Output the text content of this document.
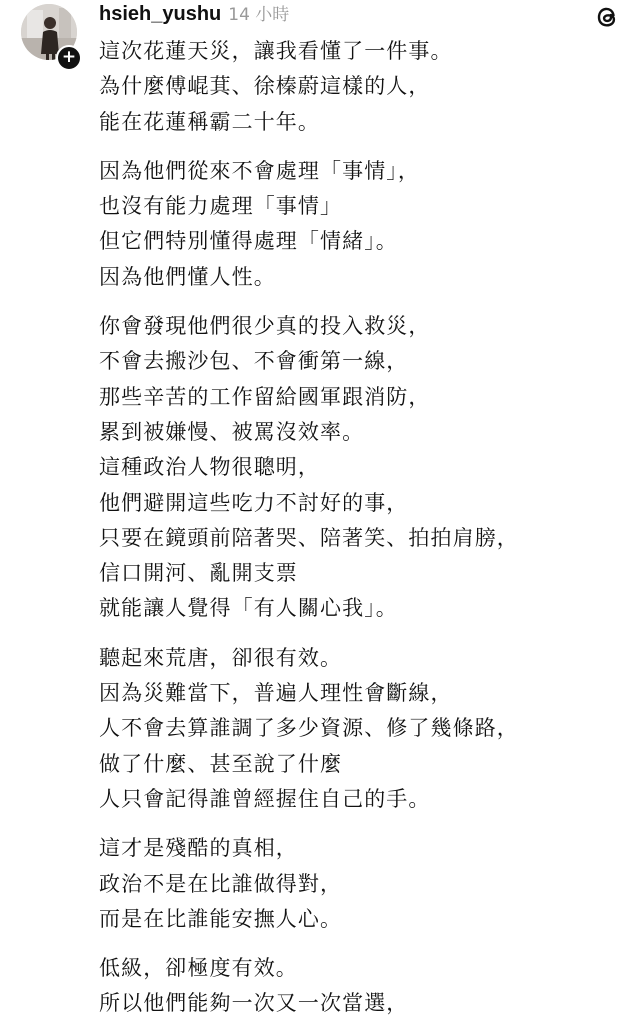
+
hsieh_yushu 14 小時
這次花蓮天災，讓我看懂了一件事。
為什麼傅崐萁、徐榛蔚這樣的人，
能在花蓮稱霸二十年。
因為他們從來不會處理「事情」，
也沒有能力處理「事情」
但它們特別懂得處理「情緒」。
因為他們懂人性。
你會發現他們很少真的投入救災，
不會去搬沙包、不會衝第一線，
那些辛苦的工作留給國軍跟消防，
累到被嫌慢、被罵沒效率。
這種政治人物很聰明，
他們避開這些吃力不討好的事，
只要在鏡頭前陪著哭、陪著笑、拍拍肩膀，
信口開河、亂開支票
就能讓人覺得「有人關心我」。
聽起來荒唐，卻很有效。
因為災難當下，普遍人理性會斷線，
人不會去算誰調了多少資源、修了幾條路，
做了什麼、甚至說了什麼
人只會記得誰曾經握住自己的手。
這才是殘酷的真相，
政治不是在比誰做得對，
而是在比誰能安撫人心。
低級，卻極度有效。
所以他們能夠一次又一次當選，
